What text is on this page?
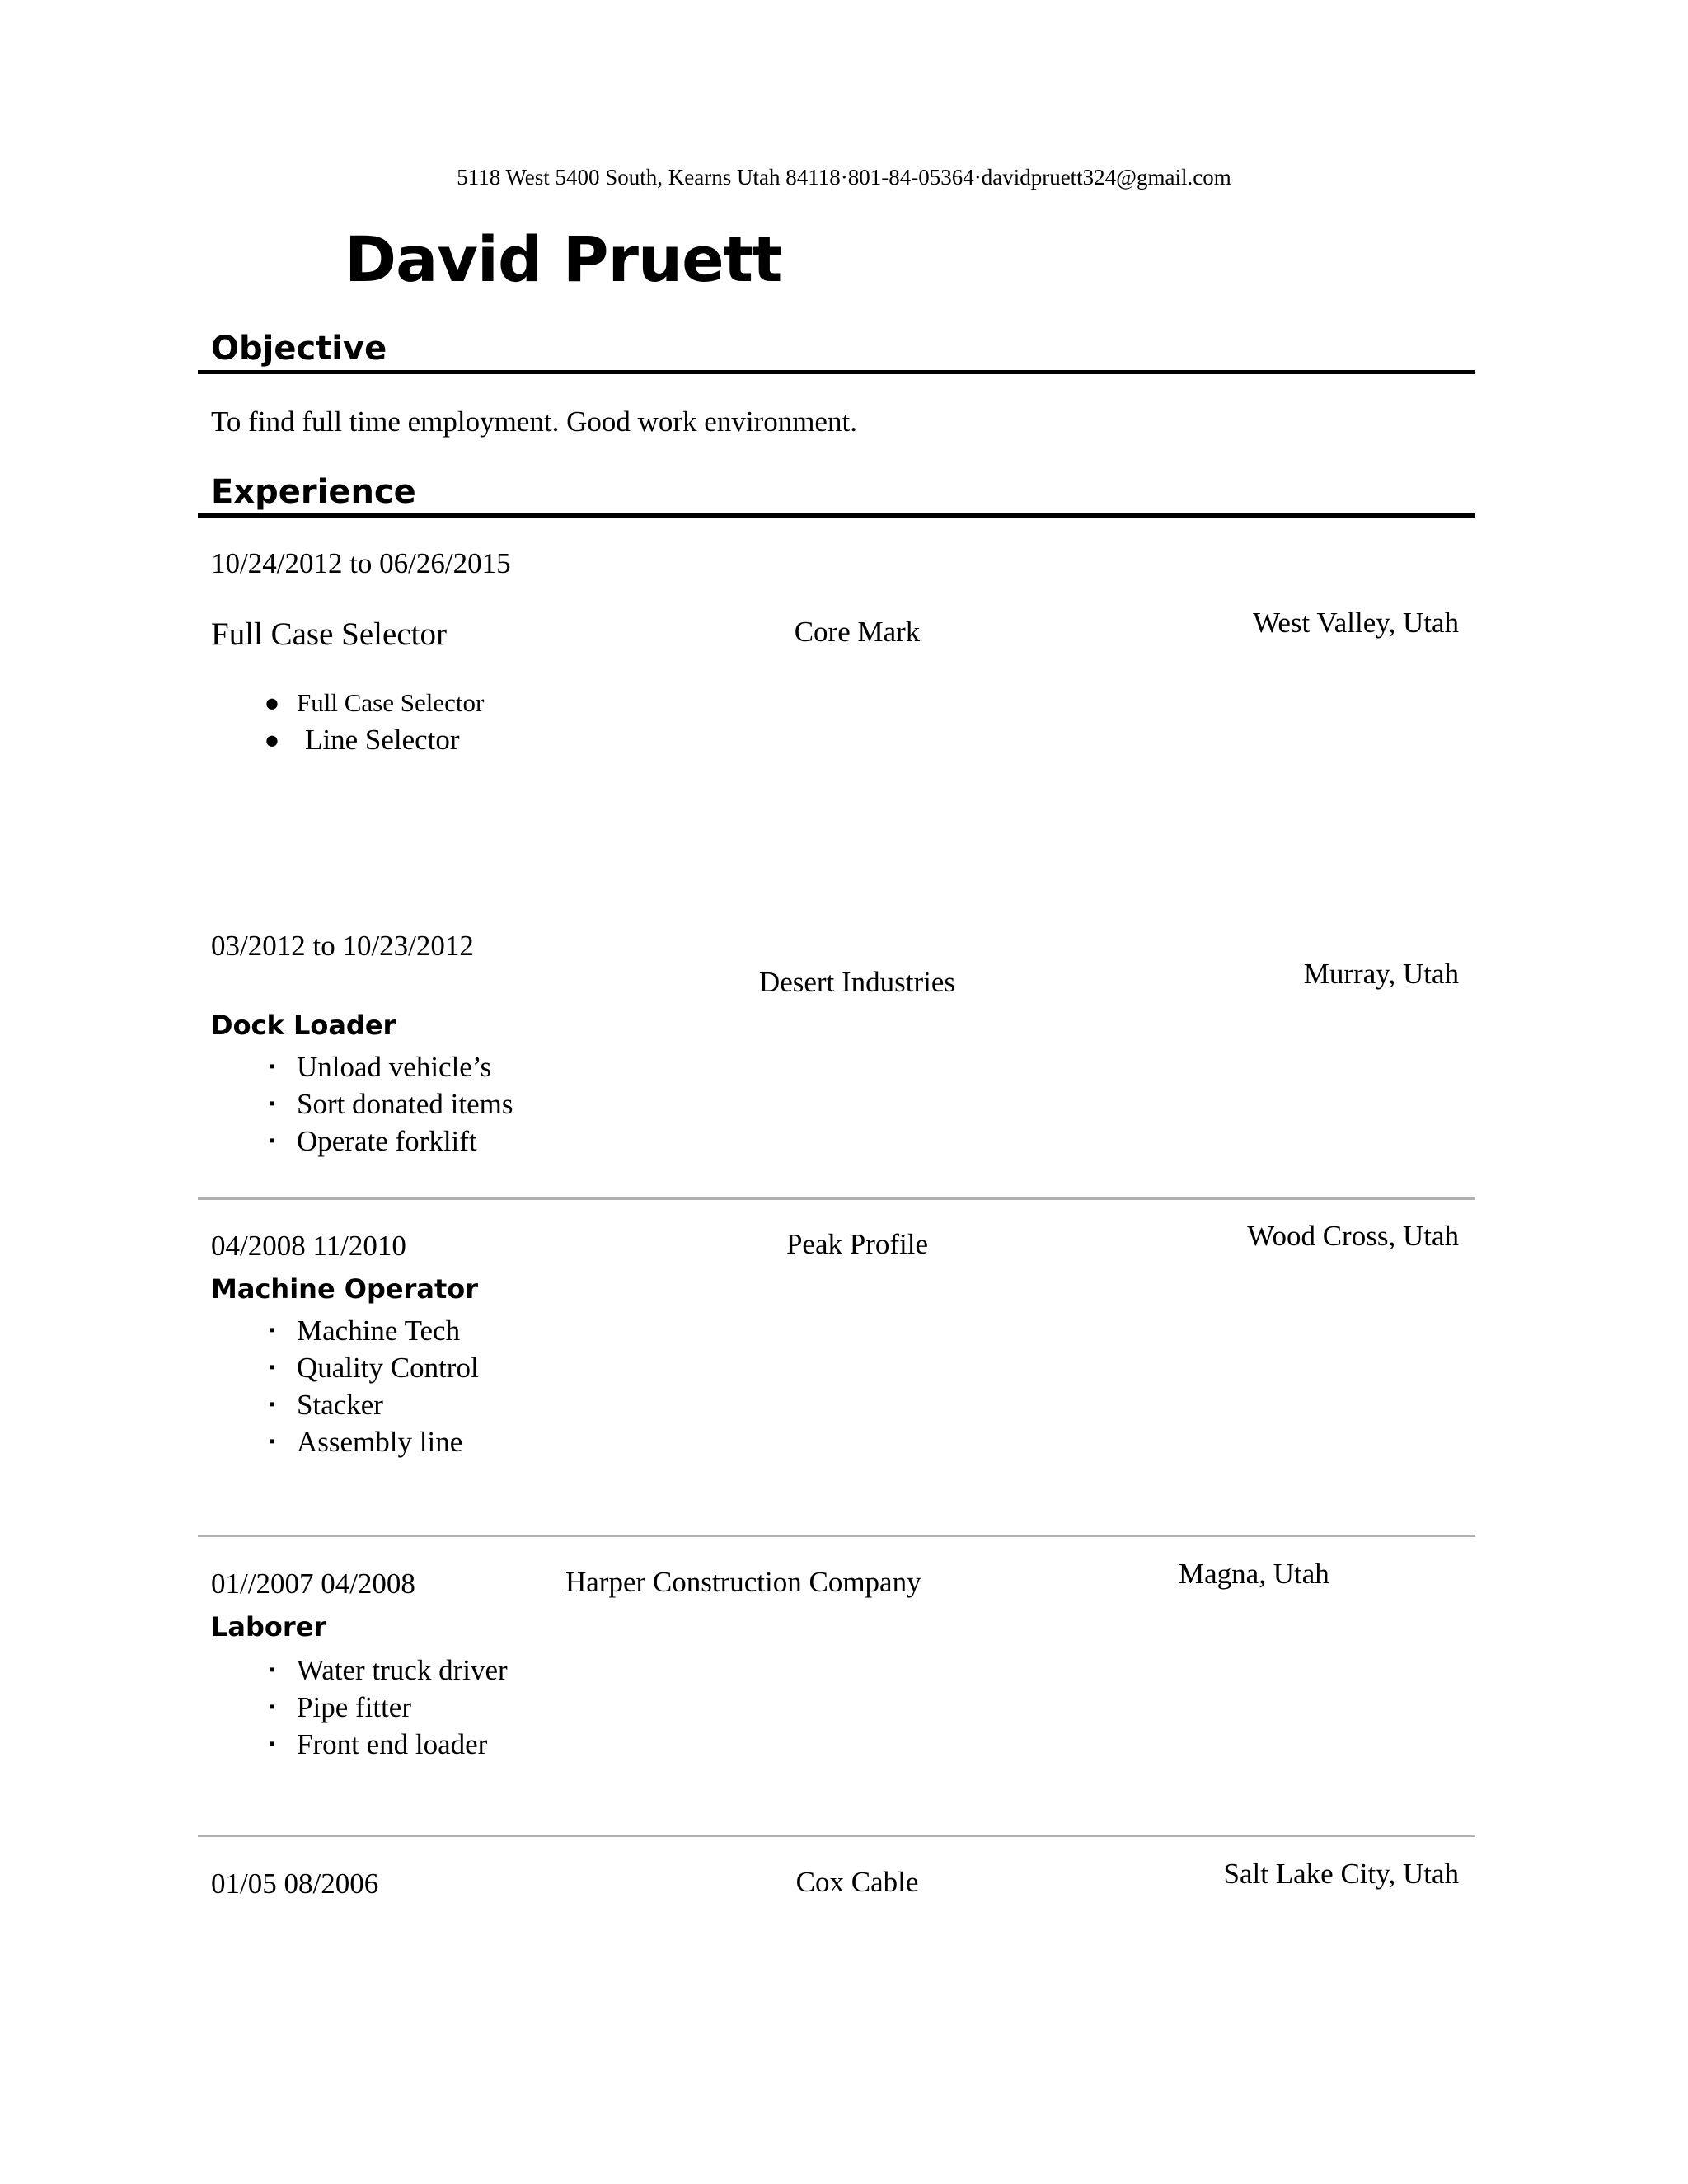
5118 West 5400 South, Kearns Utah 84118·801-84-05364·davidpruett324@gmail.com
David Pruett
Objective
To find full time employment. Good work environment.
Experience
10/24/2012 to 06/26/2015
Full Case Selector	Core Mark	West Valley, Utah
● Full Case Selector
● Line Selector
03/2012 to 10/23/2012
Desert Industries	Murray, Utah
Dock Loader
▪ Unload vehicle’s
▪ Sort donated items
▪ Operate forklift
04/2008 11/2010	Peak Profile	Wood Cross, Utah
Machine Operator
▪ Machine Tech
▪ Quality Control
▪ Stacker
▪ Assembly line
01//2007 04/2008	Harper Construction Company	Magna, Utah
Laborer
▪ Water truck driver
▪ Pipe fitter
▪ Front end loader
01/05 08/2006	Cox Cable	Salt Lake City, Utah
